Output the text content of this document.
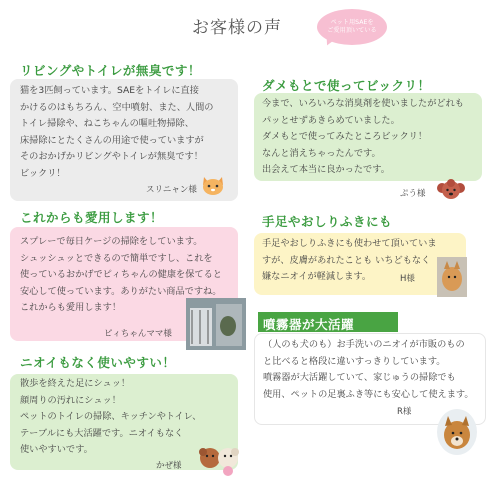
お客様の声	ペット用SAEを
ご愛用頂いている
リビングやトイレが無臭です！
猫を3匹飼っています。SAEをトイレに直接
かけるのはもちろん、空中噴射、また、人間の
トイレ掃除や、ねこちゃんの嘔吐物掃除、
床掃除にとたくさんの用途で使っていますが
そのおかげかリビングやトイレが無臭です！
ビックリ！
スリニャン様
ダメもとで使ってビックリ！
今まで、いろいろな消臭剤を使いましたがどれも
パッとせずあきらめていました。
ダメもとで使ってみたところビックリ！
なんと消えちゃったんです。
出会えて本当に良かったです。
ぷう様
これからも愛用します！
スプレーで毎日ケージの掃除をしています。
シュッシュッとできるので簡単ですし、これを
使っているおかげでピィちゃんの健康を保てると
安心して使っています。ありがたい商品ですね。
これからも愛用します！
ピィちゃんママ様
手足やおしりふきにも
手足やおしりふきにも使わせて頂いていま
すが、皮膚があれたことも いちどもなく
嫌なニオイが軽減します。	H様
噴霧器が大活躍
（人のも犬のも）お手洗いのニオイが市販のもの
と比べると格段に違いすっきりしています。
噴霧器が大活躍していて、家じゅうの掃除でも
使用、ペットの足裏ふき等にも安心して使えます。
R様
ニオイもなく使いやすい！
散歩を終えた足にシュッ！
顔周りの汚れにシュッ！
ペットのトイレの掃除、キッチンやトイレ、
テーブルにも大活躍です。ニオイもなく
使いやすいです。
かぜ様
